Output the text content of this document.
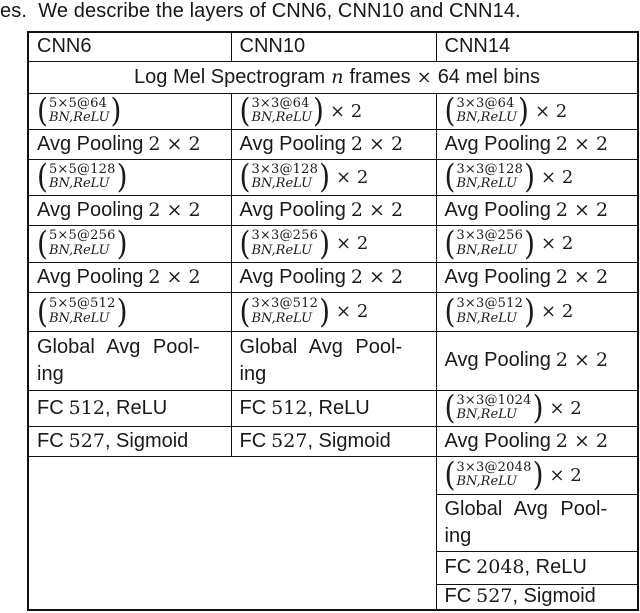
es.  We describe the layers of CNN6, CNN10 and CNN14.
CNN6	CNN10	CNN14

Log Mel Spectrogram n frames × 64 mel bins		

( 5×5@64
BN,ReLU )	( 3×3@64
BN,ReLU ) × 2	( 3×3@64
BN,ReLU ) × 2

Avg Pooling 2 × 2	Avg Pooling 2 × 2	Avg Pooling 2 × 2

( 5×5@128
BN,ReLU )	( 3×3@128
BN,ReLU ) × 2	( 3×3@128
BN,ReLU ) × 2

Avg Pooling 2 × 2	Avg Pooling 2 × 2	Avg Pooling 2 × 2

( 5×5@256
BN,ReLU )	( 3×3@256
BN,ReLU ) × 2	( 3×3@256
BN,ReLU ) × 2

Avg Pooling 2 × 2	Avg Pooling 2 × 2	Avg Pooling 2 × 2

( 5×5@512
BN,ReLU )	( 3×3@512
BN,ReLU ) × 2	( 3×3@512
BN,ReLU ) × 2

Global Avg Pool-
ing	Global Avg Pool-
ing	Avg Pooling 2 × 2
FC 512, ReLU	FC 512, ReLU	( 3×3@1024
BN,ReLU ) × 2

FC 527, Sigmoid	FC 527, Sigmoid	Avg Pooling 2 × 2

		( 3×3@2048
BN,ReLU ) × 2

		Global Avg Pool-
ing

		FC 2048, ReLU
		FC 527, Sigmoid
